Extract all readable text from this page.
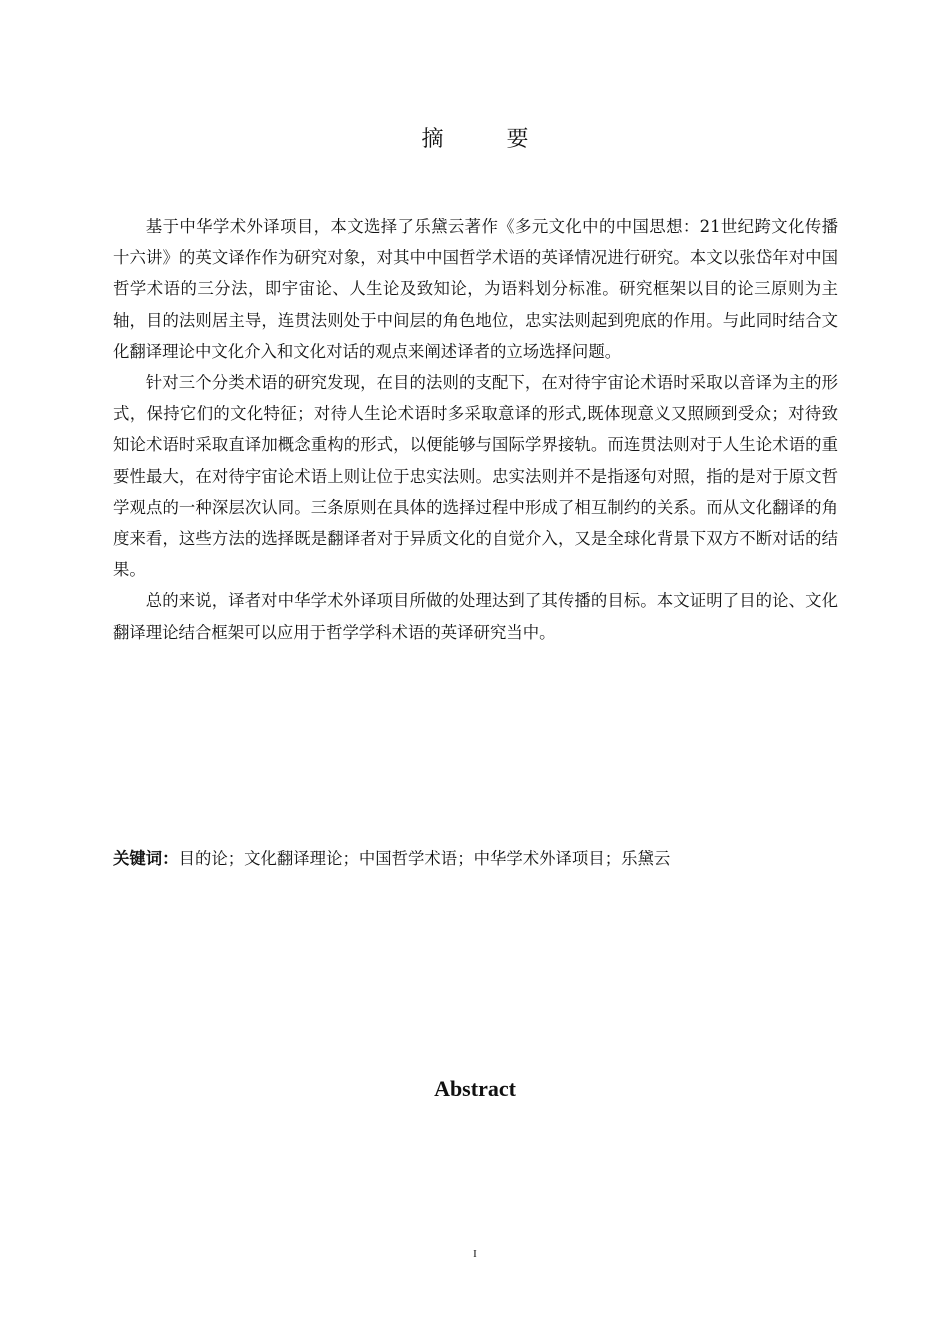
摘 要

基于中华学术外译项目，本文选择了乐黛云著作《多元文化中的中国思想：21世纪跨文化传播十六讲》的英文译作作为研究对象，对其中中国哲学术语的英译情况进行研究。本文以张岱年对中国哲学术语的三分法，即宇宙论、人生论及致知论，为语料划分标准。研究框架以目的论三原则为主轴，目的法则居主导，连贯法则处于中间层的角色地位，忠实法则起到兜底的作用。与此同时结合文化翻译理论中文化介入和文化对话的观点来阐述译者的立场选择问题。

针对三个分类术语的研究发现，在目的法则的支配下，在对待宇宙论术语时采取以音译为主的形式，保持它们的文化特征；对待人生论术语时多采取意译的形式,既体现意义又照顾到受众；对待致知论术语时采取直译加概念重构的形式，以便能够与国际学界接轨。而连贯法则对于人生论术语的重要性最大，在对待宇宙论术语上则让位于忠实法则。忠实法则并不是指逐句对照，指的是对于原文哲学观点的一种深层次认同。三条原则在具体的选择过程中形成了相互制约的关系。而从文化翻译的角度来看，这些方法的选择既是翻译者对于异质文化的自觉介入，又是全球化背景下双方不断对话的结果。

总的来说，译者对中华学术外译项目所做的处理达到了其传播的目标。本文证明了目的论、文化翻译理论结合框架可以应用于哲学学科术语的英译研究当中。

关键词：目的论；文化翻译理论；中国哲学术语；中华学术外译项目；乐黛云
Abstract
I
